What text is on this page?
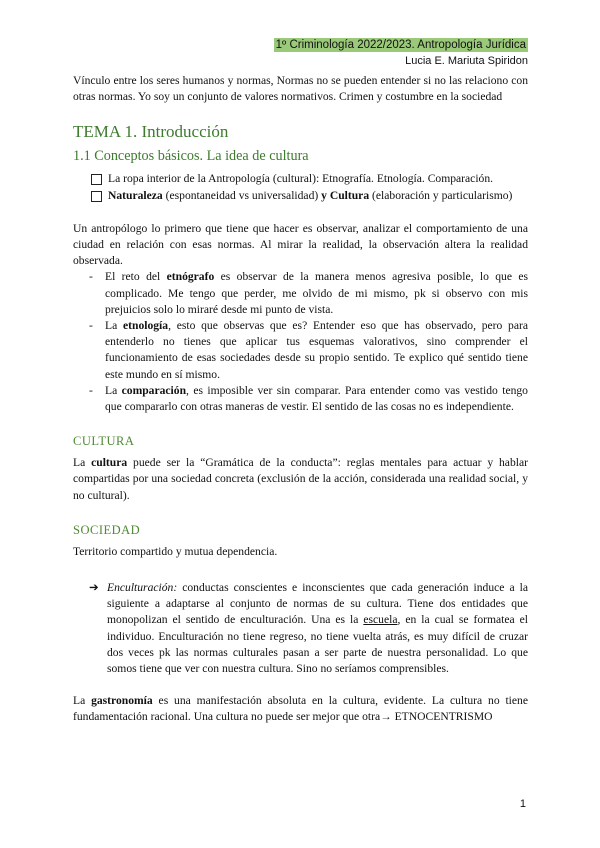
1º Criminología 2022/2023. Antropología Jurídica
Lucia E. Mariuta Spiridon

Vínculo entre los seres humanos y normas, Normas no se pueden entender si no las relaciono con otras normas. Yo soy un conjunto de valores normativos. Crimen y costumbre en la sociedad

TEMA 1. Introducción
1.1 Conceptos básicos. La idea de cultura
La ropa interior de la Antropología (cultural): Etnografía. Etnología. Comparación.
Naturaleza (espontaneidad vs universalidad) y Cultura (elaboración y particularismo)

Un antropólogo lo primero que tiene que hacer es observar, analizar el comportamiento de una ciudad en relación con esas normas. Al mirar la realidad, la observación altera la realidad observada.

- El reto del etnógrafo es observar de la manera menos agresiva posible, lo que es complicado. Me tengo que perder, me olvido de mi mismo, pk si observo con mis prejuicios solo lo miraré desde mi punto de vista.
- La etnología, esto que observas que es? Entender eso que has observado, pero para entenderlo no tienes que aplicar tus esquemas valorativos, sino comprender el funcionamiento de esas sociedades desde su propio sentido. Te explico qué sentido tiene este mundo en sí mismo.
- La comparación, es imposible ver sin comparar. Para entender como vas vestido tengo que compararlo con otras maneras de vestir. El sentido de las cosas no es independiente.
CULTURA

La cultura puede ser la “Gramática de la conducta”: reglas mentales para actuar y hablar compartidas por una sociedad concreta (exclusión de la acción, considerada una realidad social, y no cultural).

SOCIEDAD

Territorio compartido y mutua dependencia.

➔ Enculturación: conductas conscientes e inconscientes que cada generación induce a la siguiente a adaptarse al conjunto de normas de su cultura. Tiene dos entidades que monopolizan el sentido de enculturación. Una es la escuela, en la cual se formatea el individuo. Enculturación no tiene regreso, no tiene vuelta atrás, es muy difícil de cruzar dos veces pk las normas culturales pasan a ser parte de nuestra personalidad. Lo que somos tiene que ver con nuestra cultura. Sino no seríamos comprensibles.

La gastronomía es una manifestación absoluta en la cultura, evidente. La cultura no tiene fundamentación racional. Una cultura no puede ser mejor que otra→ ETNOCENTRISMO

1
